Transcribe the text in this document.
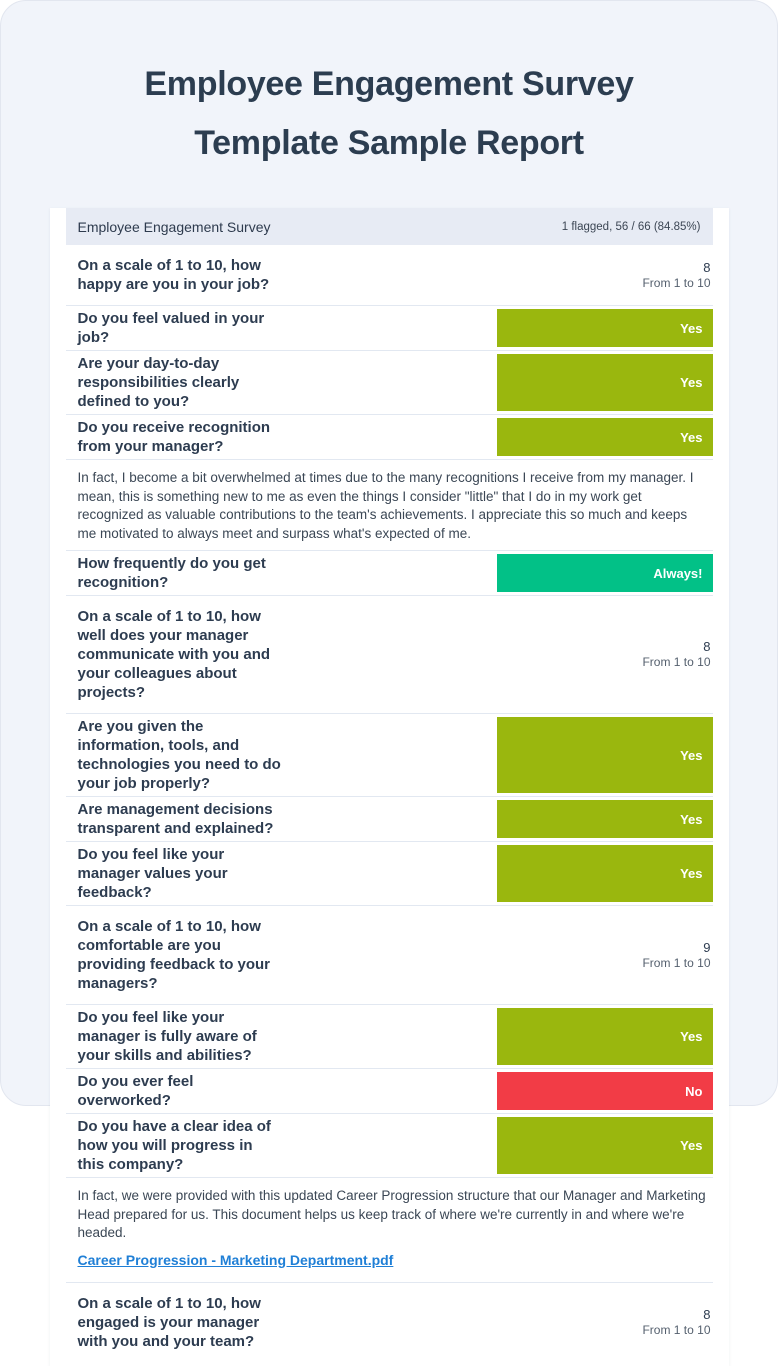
Employee Engagement Survey
Template Sample Report
Employee Engagement Survey	1 flagged, 56 / 66 (84.85%)
On a scale of 1 to 10, how happy are you in your job?
8
From 1 to 10
Do you feel valued in your job?
Yes
Are your day-to-day responsibilities clearly defined to you?
Yes
Do you receive recognition from your manager?
Yes
In fact, I become a bit overwhelmed at times due to the many recognitions I receive from my manager. I mean, this is something new to me as even the things I consider "little" that I do in my work get recognized as valuable contributions to the team's achievements. I appreciate this so much and keeps me motivated to always meet and surpass what's expected of me.
How frequently do you get recognition?
Always!
On a scale of 1 to 10, how well does your manager communicate with you and your colleagues about projects?
8
From 1 to 10
Are you given the information, tools, and technologies you need to do your job properly?
Yes
Are management decisions transparent and explained?
Yes
Do you feel like your manager values your feedback?
Yes
On a scale of 1 to 10, how comfortable are you providing feedback to your managers?
9
From 1 to 10
Do you feel like your manager is fully aware of your skills and abilities?
Yes
Do you ever feel overworked?
No
Do you have a clear idea of how you will progress in this company?
Yes
In fact, we were provided with this updated Career Progression structure that our Manager and Marketing Head prepared for us. This document helps us keep track of where we're currently in and where we're headed.
Career Progression - Marketing Department.pdf
On a scale of 1 to 10, how engaged is your manager with you and your team?
8
From 1 to 10
